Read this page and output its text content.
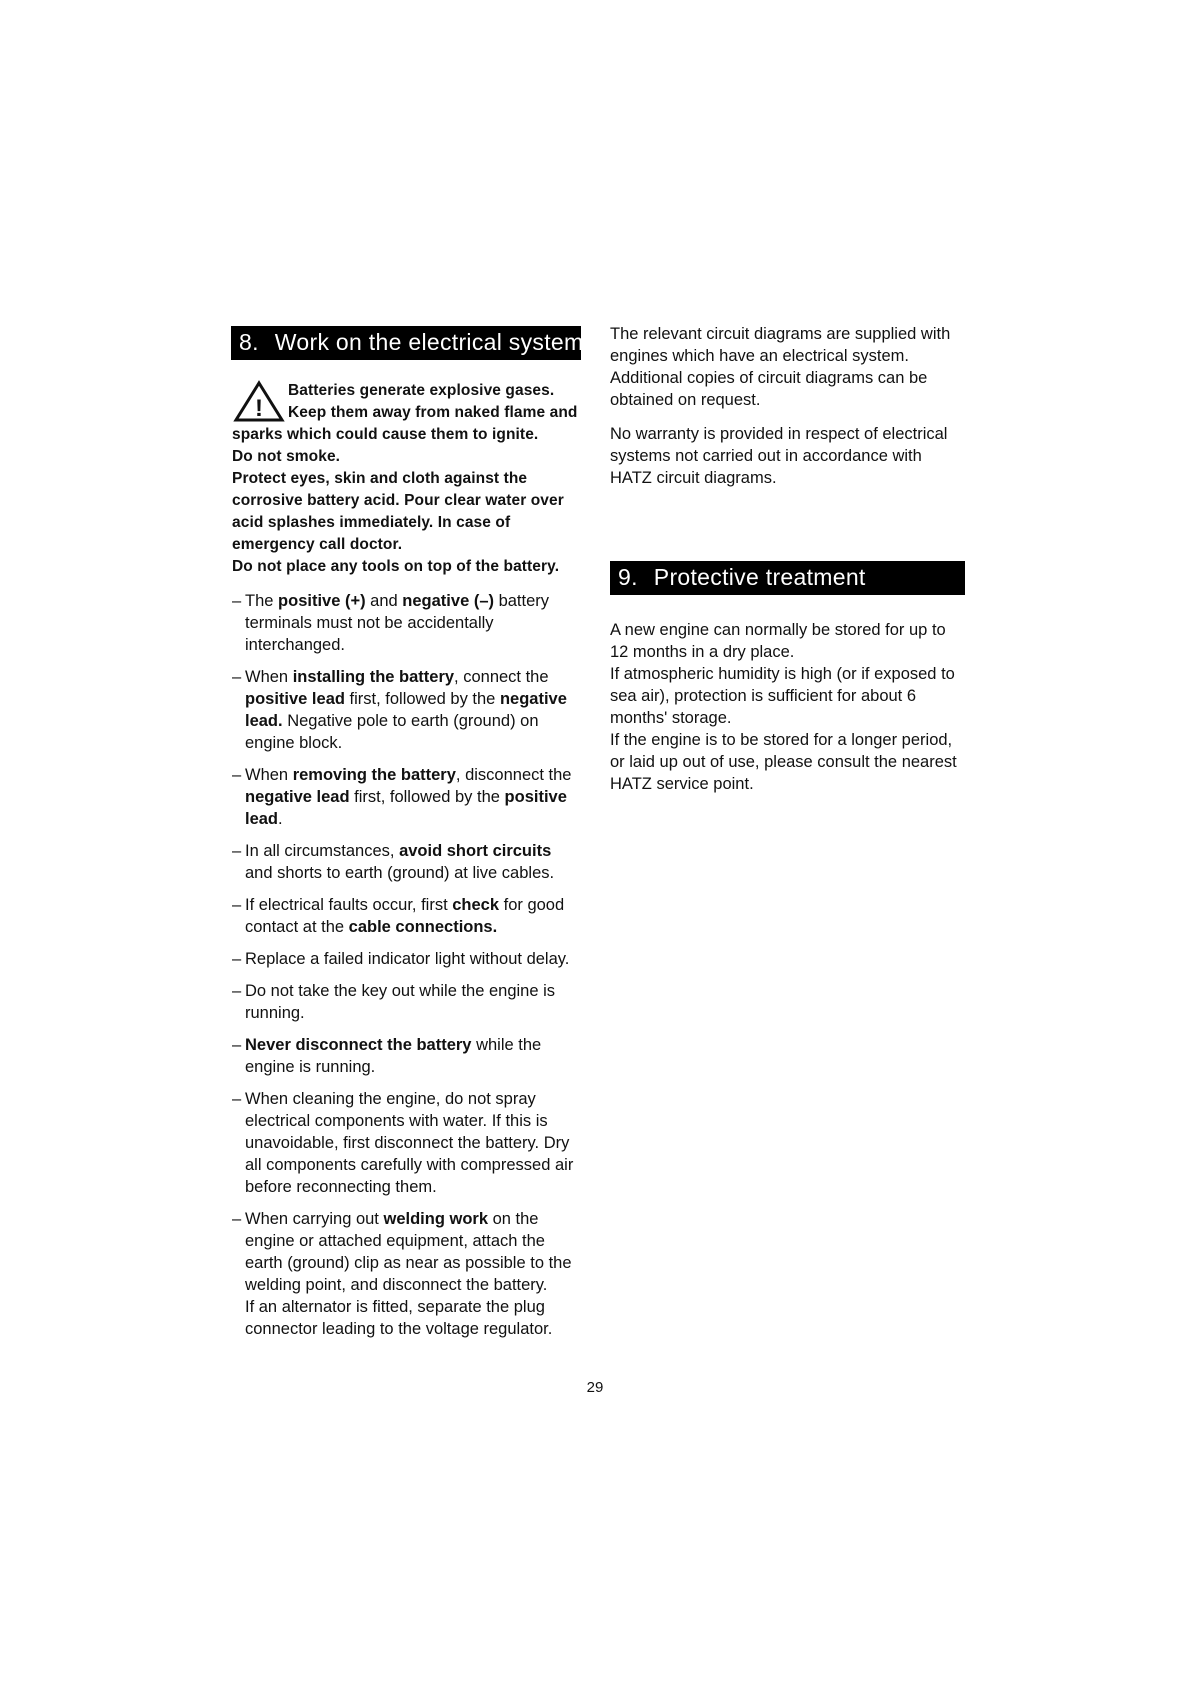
8. Work on the electrical system
!

Batteries generate explosive gases.

Keep them away from naked flame and sparks which could cause them to ignite.

Do not smoke.

Protect eyes, skin and cloth against the corrosive battery acid. Pour clear water over acid splashes immediately. In case of emergency call doctor.

Do not place any tools on top of the battery.

– The positive (+) and negative (–) battery terminals must not be accidentally interchanged.
– When installing the battery, connect the positive lead first, followed by the negative lead. Negative pole to earth (ground) on engine block.
– When removing the battery, disconnect the negative lead first, followed by the positive lead.
– In all circumstances, avoid short circuits and shorts to earth (ground) at live cables.
– If electrical faults occur, first check for good contact at the cable connections.
– Replace a failed indicator light without delay.
– Do not take the key out while the engine is running.
– Never disconnect the battery while the engine is running.
– When cleaning the engine, do not spray electrical components with water. If this is unavoidable, first disconnect the battery. Dry all components carefully with compressed air before reconnecting them.
– When carrying out welding work on the engine or attached equipment, attach the earth (ground) clip as near as possible to the welding point, and disconnect the battery.
If an alternator is fitted, separate the plug connector leading to the voltage regulator.

The relevant circuit diagrams are supplied with engines which have an electrical system. Additional copies of circuit diagrams can be obtained on request.

No warranty is provided in respect of electrical systems not carried out in accordance with HATZ circuit diagrams.

9. Protective treatment

A new engine can normally be stored for up to 12 months in a dry place.

If atmospheric humidity is high (or if exposed to sea air), protection is sufficient for about 6 months' storage.

If the engine is to be stored for a longer period, or laid up out of use, please consult the nearest HATZ service point.

29
